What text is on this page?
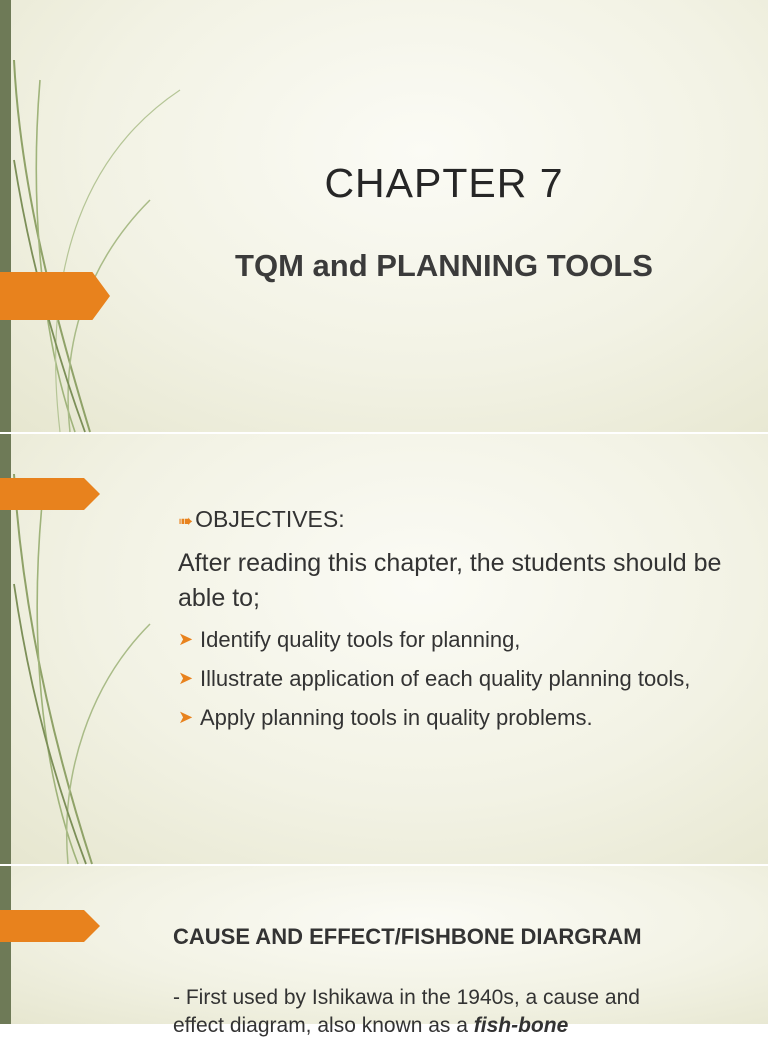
CHAPTER 7
TQM and PLANNING TOOLS
➠OBJECTIVES:
After reading this chapter, the students should be able to;
➤ Identify quality tools for planning,
➤ Illustrate application of each quality planning tools,
➤ Apply planning tools in quality problems.
CAUSE AND EFFECT/FISHBONE DIARGRAM
- First used by Ishikawa in the 1940s, a cause and
effect diagram, also known as a fish-bone
